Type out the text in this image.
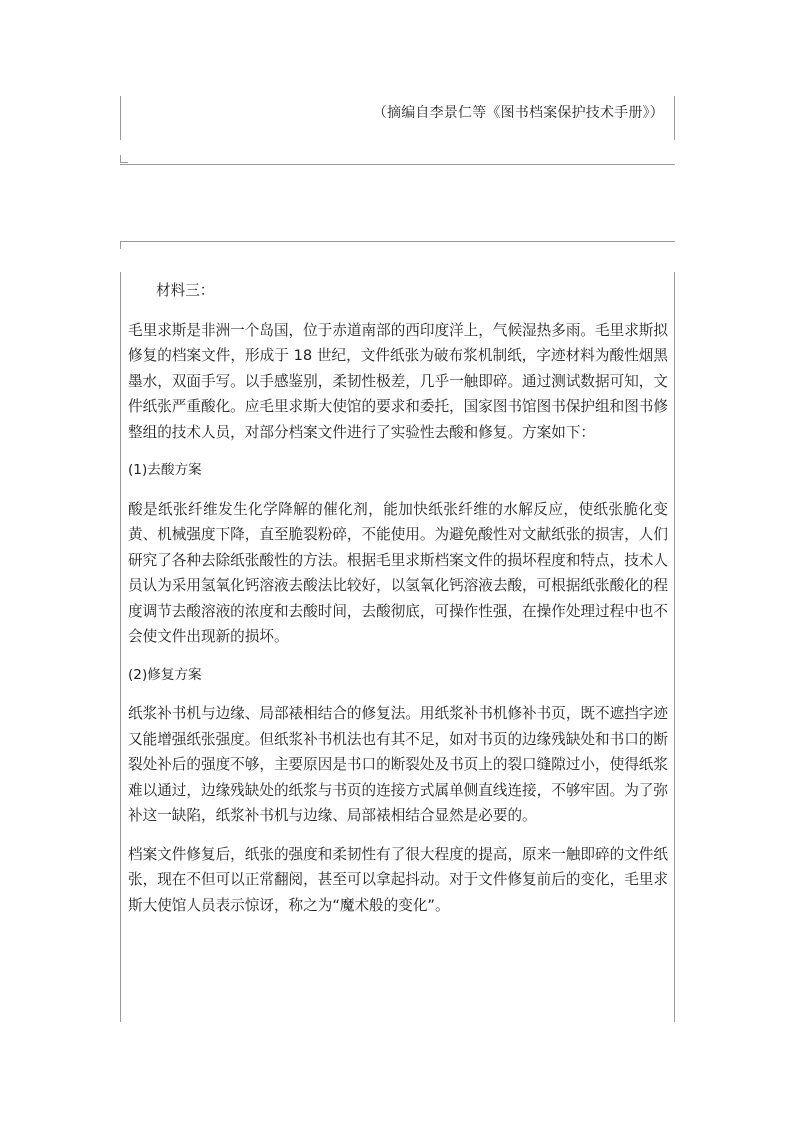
（摘编自李景仁等《图书档案保护技术手册》）

材料三：

毛里求斯是非洲一个岛国，位于赤道南部的西印度洋上，气候湿热多雨。毛里求斯拟修复的档案文件，形成于 18 世纪，文件纸张为破布浆机制纸，字迹材料为酸性烟黑墨水，双面手写。以手感鉴别，柔韧性极差，几乎一触即碎。通过测试数据可知，文件纸张严重酸化。应毛里求斯大使馆的要求和委托，国家图书馆图书保护组和图书修整组的技术人员，对部分档案文件进行了实验性去酸和修复。方案如下：

(1)去酸方案

酸是纸张纤维发生化学降解的催化剂，能加快纸张纤维的水解反应，使纸张脆化变黄、机械强度下降，直至脆裂粉碎，不能使用。为避免酸性对文献纸张的损害，人们研究了各种去除纸张酸性的方法。根据毛里求斯档案文件的损坏程度和特点，技术人员认为采用氢氧化钙溶液去酸法比较好，以氢氧化钙溶液去酸，可根据纸张酸化的程度调节去酸溶液的浓度和去酸时间，去酸彻底，可操作性强，在操作处理过程中也不会使文件出现新的损坏。

(2)修复方案

纸浆补书机与边缘、局部裱相结合的修复法。用纸浆补书机修补书页，既不遮挡字迹又能增强纸张强度。但纸浆补书机法也有其不足，如对书页的边缘残缺处和书口的断裂处补后的强度不够，主要原因是书口的断裂处及书页上的裂口缝隙过小，使得纸浆难以通过，边缘残缺处的纸浆与书页的连接方式属单侧直线连接，不够牢固。为了弥补这一缺陷，纸浆补书机与边缘、局部裱相结合显然是必要的。

档案文件修复后，纸张的强度和柔韧性有了很大程度的提高，原来一触即碎的文件纸张，现在不但可以正常翻阅，甚至可以拿起抖动。对于文件修复前后的变化，毛里求斯大使馆人员表示惊讶，称之为“魔术般的变化”。
